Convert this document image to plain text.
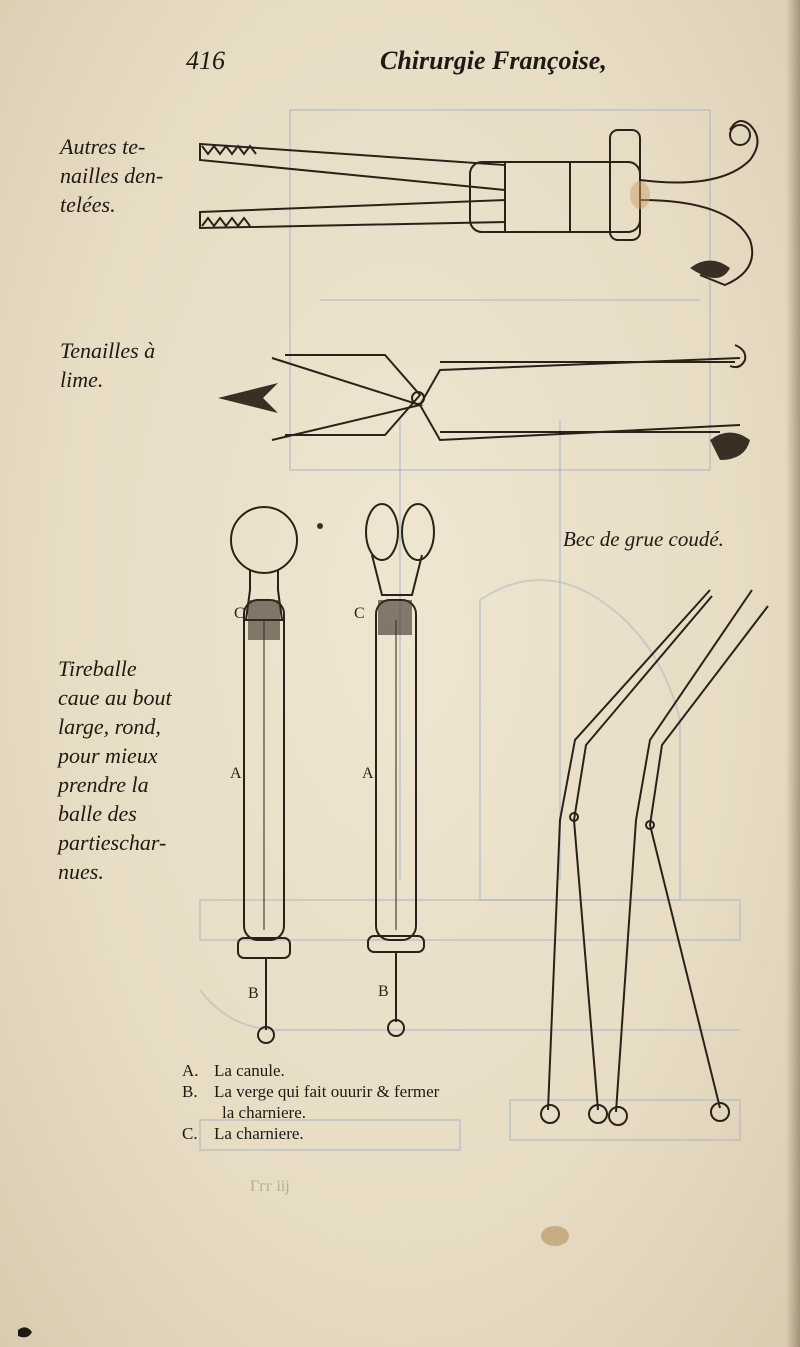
416	Chirurgie Françoise,
Autres te-
nailles den-
telées.
Tenailles à
lime.
Tireballe
caue au bout
large, rond,
pour mieux
prendre la
balle des
partieschar-
nues.
Bec de grue coudé.
C	C
A	A
B	B
A. La canule.
B. La verge qui fait ouurir & fermer
la charniere.
C. La charniere.
Ггг iij
